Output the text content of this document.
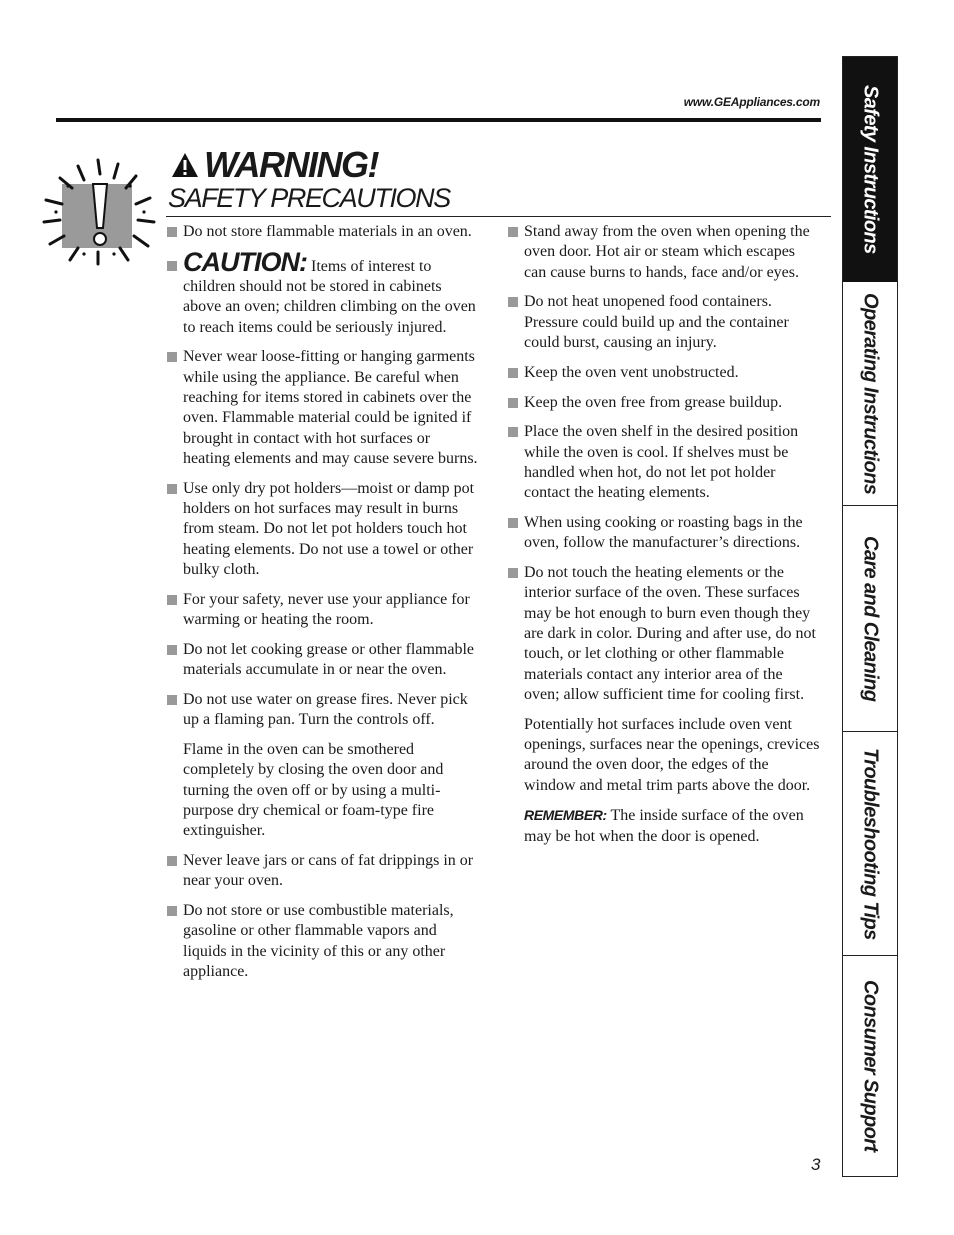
www.GEAppliances.com
WARNING!
SAFETY PRECAUTIONS
Do not store flammable materials in an oven.
CAUTION: Items of interest to children should not be stored in cabinets above an oven; children climbing on the oven to reach items could be seriously injured.
Never wear loose-fitting or hanging garments while using the appliance. Be careful when reaching for items stored in cabinets over the oven. Flammable material could be ignited if brought in contact with hot surfaces or heating elements and may cause severe burns.
Use only dry pot holders—moist or damp pot holders on hot surfaces may result in burns from steam. Do not let pot holders touch hot heating elements. Do not use a towel or other bulky cloth.
For your safety, never use your appliance for warming or heating the room.
Do not let cooking grease or other flammable materials accumulate in or near the oven.
Do not use water on grease fires. Never pick up a flaming pan. Turn the controls off.
Flame in the oven can be smothered completely by closing the oven door and turning the oven off or by using a multi-purpose dry chemical or foam-type fire extinguisher.
Never leave jars or cans of fat drippings in or near your oven.
Do not store or use combustible materials, gasoline or other flammable vapors and liquids in the vicinity of this or any other appliance.
Stand away from the oven when opening the oven door. Hot air or steam which escapes can cause burns to hands, face and/or eyes.
Do not heat unopened food containers. Pressure could build up and the container could burst, causing an injury.
Keep the oven vent unobstructed.
Keep the oven free from grease buildup.
Place the oven shelf in the desired position while the oven is cool. If shelves must be handled when hot, do not let pot holder contact the heating elements.
When using cooking or roasting bags in the oven, follow the manufacturer’s directions.
Do not touch the heating elements or the interior surface of the oven. These surfaces may be hot enough to burn even though they are dark in color. During and after use, do not touch, or let clothing or other flammable materials contact any interior area of the oven; allow sufficient time for cooling first.
Potentially hot surfaces include oven vent openings, surfaces near the openings, crevices around the oven door, the edges of the window and metal trim parts above the door.
REMEMBER: The inside surface of the oven may be hot when the door is opened.
3
Safety Instructions
Operating Instructions
Care and Cleaning
Troubleshooting Tips
Consumer Support
